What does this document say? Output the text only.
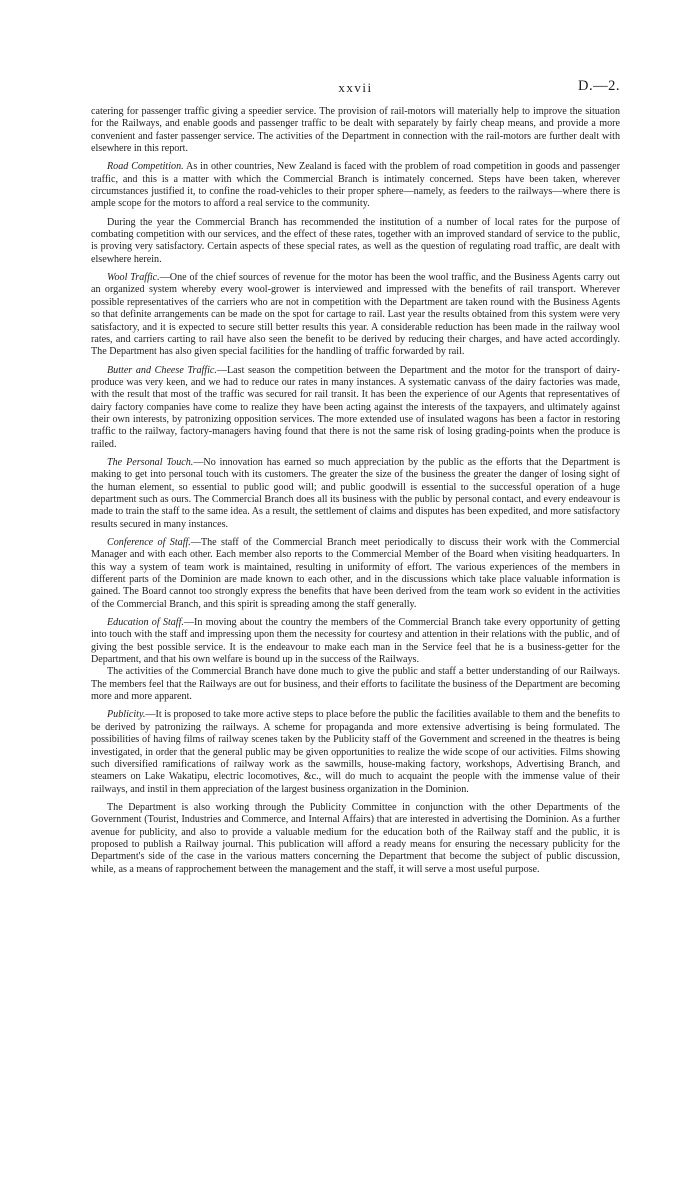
xxvii	D.—2.

catering for passenger traffic giving a speedier service. The provision of rail-motors will materially help to improve the situation for the Railways, and enable goods and passenger traffic to be dealt with separately by fairly cheap means, and provide a more convenient and faster passenger service. The activities of the Department in connection with the rail-motors are further dealt with elsewhere in this report.

Road Competition. As in other countries, New Zealand is faced with the problem of road competition in goods and passenger traffic, and this is a matter with which the Commercial Branch is intimately concerned. Steps have been taken, wherever circumstances justified it, to confine the road-vehicles to their proper sphere—namely, as feeders to the railways—where there is ample scope for the motors to afford a real service to the community.

During the year the Commercial Branch has recommended the institution of a number of local rates for the purpose of combating competition with our services, and the effect of these rates, together with an improved standard of service to the public, is proving very satisfactory. Certain aspects of these special rates, as well as the question of regulating road traffic, are dealt with elsewhere herein.

Wool Traffic.—One of the chief sources of revenue for the motor has been the wool traffic, and the Business Agents carry out an organized system whereby every wool-grower is interviewed and impressed with the benefits of rail transport. Wherever possible representatives of the carriers who are not in competition with the Department are taken round with the Business Agents so that definite arrangements can be made on the spot for cartage to rail. Last year the results obtained from this system were very satisfactory, and it is expected to secure still better results this year. A considerable reduction has been made in the railway wool rates, and carriers carting to rail have also seen the benefit to be derived by reducing their charges, and have acted accordingly. The Department has also given special facilities for the handling of traffic forwarded by rail.

Butter and Cheese Traffic.—Last season the competition between the Department and the motor for the transport of dairy-produce was very keen, and we had to reduce our rates in many instances. A systematic canvass of the dairy factories was made, with the result that most of the traffic was secured for rail transit. It has been the experience of our Agents that representatives of dairy factory companies have come to realize they have been acting against the interests of the taxpayers, and ultimately against their own interests, by patronizing opposition services. The more extended use of insulated wagons has been a factor in restoring traffic to the railway, factory-managers having found that there is not the same risk of losing grading-points when the produce is railed.

The Personal Touch.—No innovation has earned so much appreciation by the public as the efforts that the Department is making to get into personal touch with its customers. The greater the size of the business the greater the danger of losing sight of the human element, so essential to public good will; and public goodwill is essential to the successful operation of a huge department such as ours. The Commercial Branch does all its business with the public by personal contact, and every endeavour is made to train the staff to the same idea. As a result, the settlement of claims and disputes has been expedited, and more satisfactory results secured in many instances.

Conference of Staff.—The staff of the Commercial Branch meet periodically to discuss their work with the Commercial Manager and with each other. Each member also reports to the Commercial Member of the Board when visiting headquarters. In this way a system of team work is maintained, resulting in uniformity of effort. The various experiences of the members in different parts of the Dominion are made known to each other, and in the discussions which take place valuable information is gained. The Board cannot too strongly express the benefits that have been derived from the team work so evident in the activities of the Commercial Branch, and this spirit is spreading among the staff generally.

Education of Staff.—In moving about the country the members of the Commercial Branch take every opportunity of getting into touch with the staff and impressing upon them the necessity for courtesy and attention in their relations with the public, and of giving the best possible service. It is the endeavour to make each man in the Service feel that he is a business-getter for the Department, and that his own welfare is bound up in the success of the Railways.

The activities of the Commercial Branch have done much to give the public and staff a better understanding of our Railways. The members feel that the Railways are out for business, and their efforts to facilitate the business of the Department are becoming more and more apparent.

Publicity.—It is proposed to take more active steps to place before the public the facilities available to them and the benefits to be derived by patronizing the railways. A scheme for propaganda and more extensive advertising is being formulated. The possibilities of having films of railway scenes taken by the Publicity staff of the Government and screened in the theatres is being investigated, in order that the general public may be given opportunities to realize the wide scope of our activities. Films showing such diversified ramifications of railway work as the sawmills, house-making factory, workshops, Advertising Branch, and steamers on Lake Wakatipu, electric locomotives, &c., will do much to acquaint the people with the immense value of their railways, and instil in them appreciation of the largest business organization in the Dominion.

The Department is also working through the Publicity Committee in conjunction with the other Departments of the Government (Tourist, Industries and Commerce, and Internal Affairs) that are interested in advertising the Dominion. As a further avenue for publicity, and also to provide a valuable medium for the education both of the Railway staff and the public, it is proposed to publish a Railway journal. This publication will afford a ready means for ensuring the necessary publicity for the Department's side of the case in the various matters concerning the Department that become the subject of public discussion, while, as a means of rapprochement between the management and the staff, it will serve a most useful purpose.
